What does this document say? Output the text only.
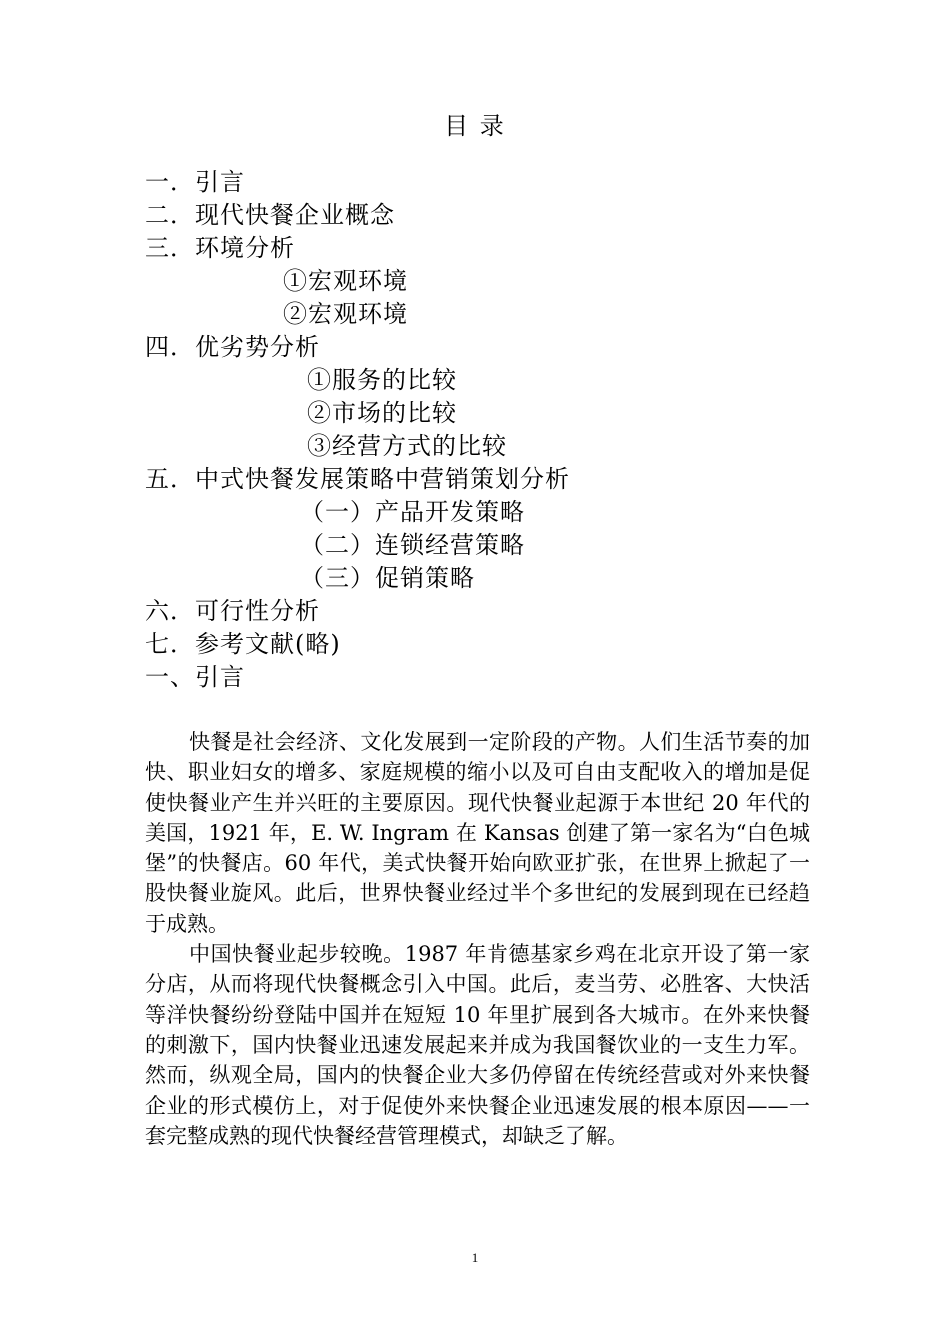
目 录
一．引言
二．现代快餐企业概念
三．环境分析
①宏观环境
②宏观环境
四．优劣势分析
①服务的比较
②市场的比较
③经营方式的比较
五．中式快餐发展策略中营销策划分析
（一）产品开发策略
（二）连锁经营策略
（三）促销策略
六．可行性分析
七．参考文献(略)
一、引言

快餐是社会经济、文化发展到一定阶段的产物。人们生活节奏的加快、职业妇女的增多、家庭规模的缩小以及可自由支配收入的增加是促使快餐业产生并兴旺的主要原因。现代快餐业起源于本世纪 20 年代的美国，1921 年，E. W. Ingram 在 Kansas 创建了第一家名为“白色城堡”的快餐店。60 年代，美式快餐开始向欧亚扩张，在世界上掀起了一股快餐业旋风。此后，世界快餐业经过半个多世纪的发展到现在已经趋于成熟。

中国快餐业起步较晚。1987 年肯德基家乡鸡在北京开设了第一家分店，从而将现代快餐概念引入中国。此后，麦当劳、必胜客、大快活等洋快餐纷纷登陆中国并在短短 10 年里扩展到各大城市。在外来快餐的刺激下，国内快餐业迅速发展起来并成为我国餐饮业的一支生力军。然而，纵观全局，国内的快餐企业大多仍停留在传统经营或对外来快餐企业的形式模仿上，对于促使外来快餐企业迅速发展的根本原因——一套完整成熟的现代快餐经营管理模式，却缺乏了解。

1
